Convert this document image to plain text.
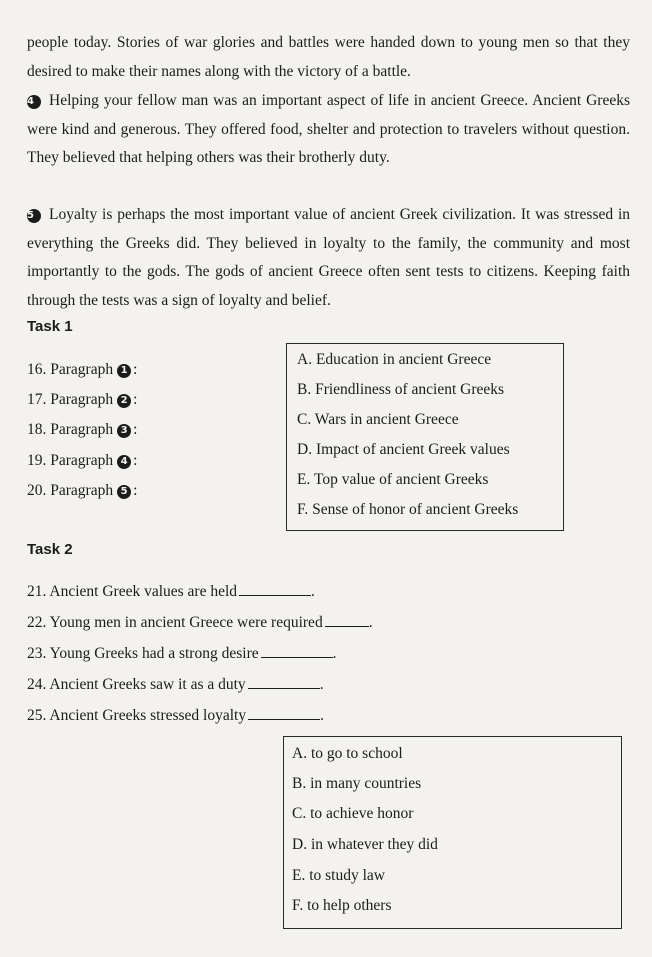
people today. Stories of war glories and battles were handed down to young men so that they desired to make their names along with the victory of a battle.
4 Helping your fellow man was an important aspect of life in ancient Greece. Ancient Greeks were kind and generous. They offered food, shelter and protection to travelers without question. They believed that helping others was their brotherly duty.
5 Loyalty is perhaps the most important value of ancient Greek civilization. It was stressed in everything the Greeks did. They believed in loyalty to the family, the community and most importantly to the gods. The gods of ancient Greece often sent tests to citizens. Keeping faith through the tests was a sign of loyalty and belief.
Task 1
16. Paragraph 1 :
17. Paragraph 2 :
18. Paragraph 3 :
19. Paragraph 4 :
20. Paragraph 5 :
A. Education in ancient Greece
B. Friendliness of ancient Greeks
C. Wars in ancient Greece
D. Impact of ancient Greek values
E. Top value of ancient Greeks
F. Sense of honor of ancient Greeks
Task 2
21. Ancient Greek values are held	.
22. Young men in ancient Greece were required	.
23. Young Greeks had a strong desire	.
24. Ancient Greeks saw it as a duty	.
25. Ancient Greeks stressed loyalty	.
A. to go to school
B. in many countries
C. to achieve honor
D. in whatever they did
E. to study law
F. to help others
